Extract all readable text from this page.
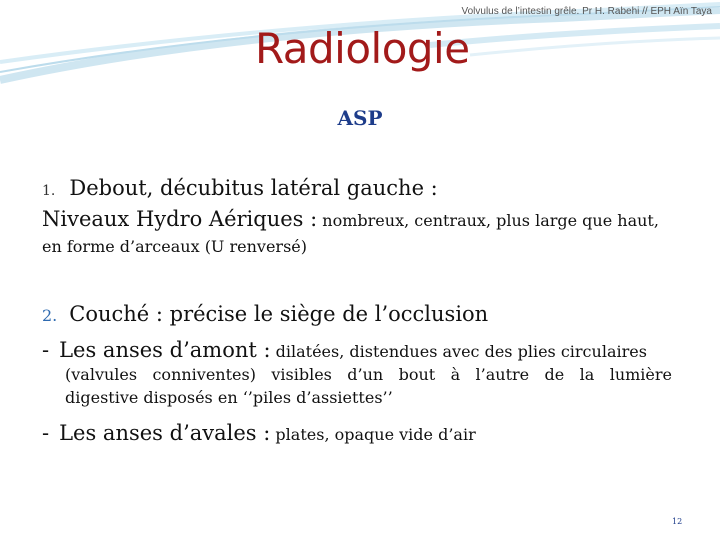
Volvulus de l’intestin grêle. Pr H. Rabehi // EPH Aïn Taya
Radiologie
ASP
1. Debout, décubitus latéral gauche :
Niveaux Hydro Aériques : nombreux, centraux, plus large que haut,
en forme d’arceaux (U renversé)
2. Couché : précise le siège de l’occlusion
- Les anses d’amont : dilatées, distendues avec des plies circulaires
(valvules conniventes) visibles d’un bout à l’autre de la lumière
digestive disposés en ‘’piles d’assiettes’’
- Les anses d’avales : plates, opaque vide d’air
12
